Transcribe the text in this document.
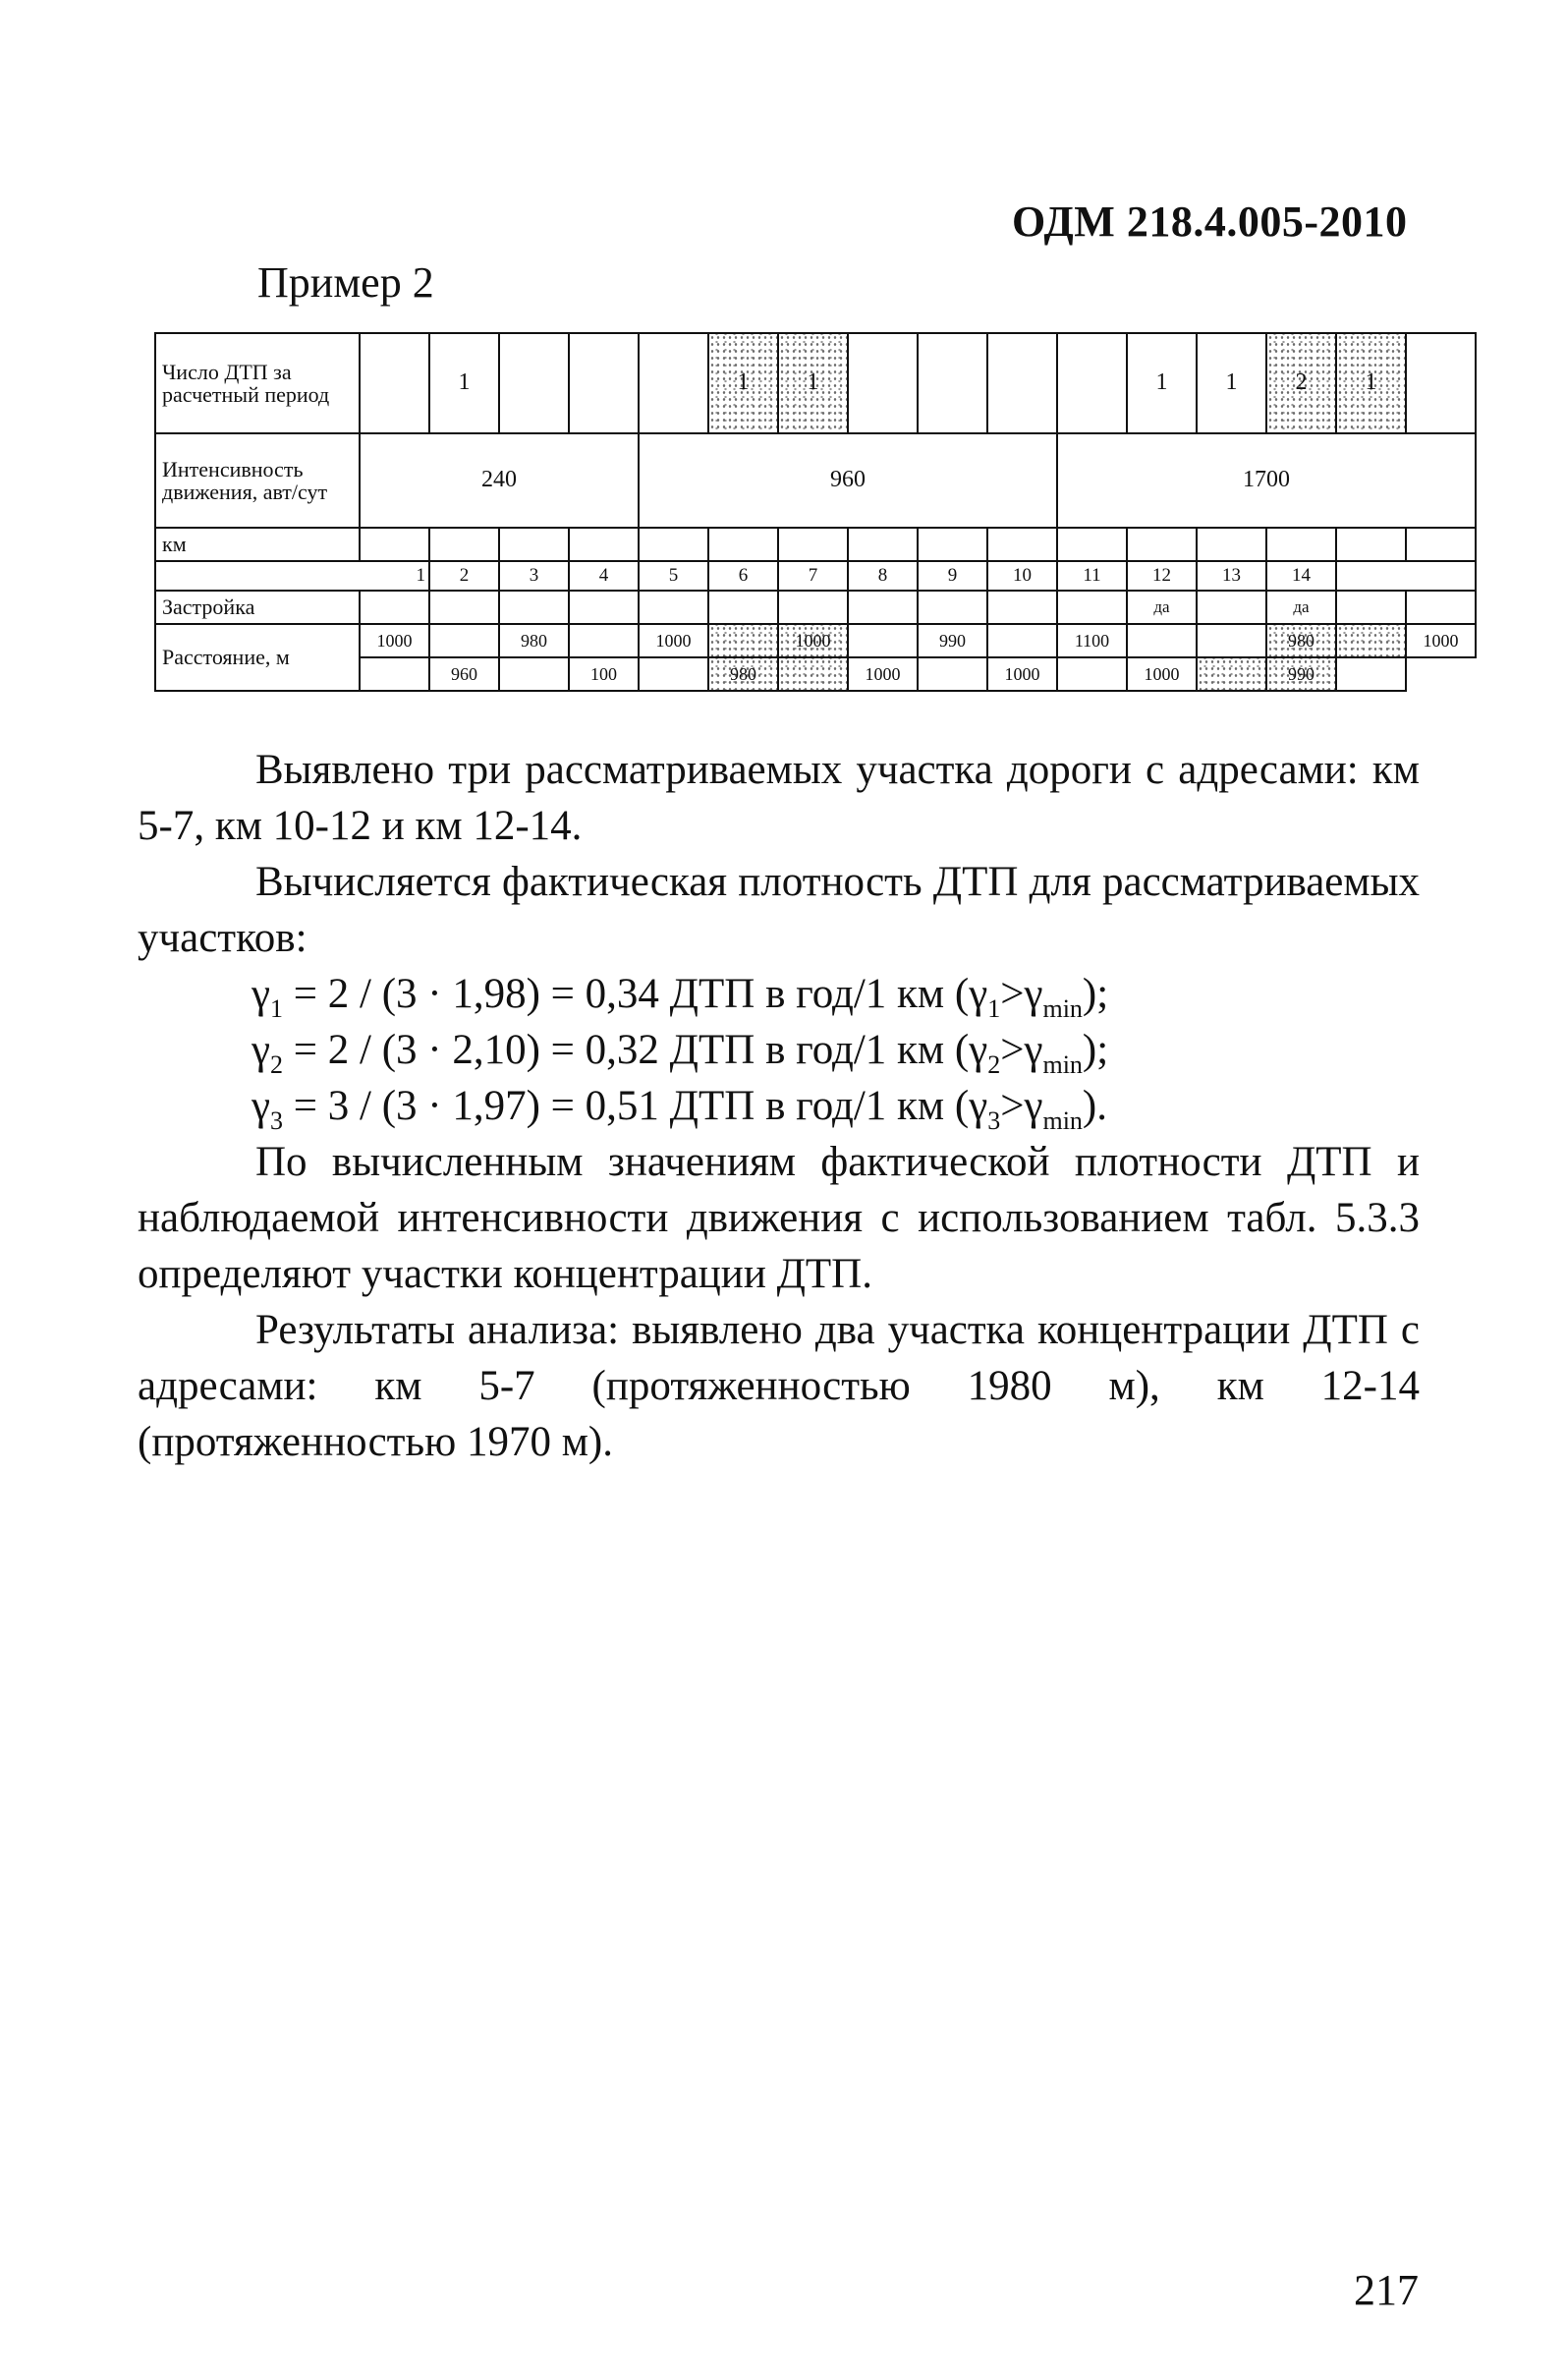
ОДМ 218.4.005-2010
Пример 2
Число ДТП за расчетный период		1				1	1					1	1	2	1	
Интенсивность движения, авт/сут	240				960						1700					
км																
1		2	3	4	5	6	7	8	9	10	11	12	13	14		
Застройка												да		да		
Расстояние, м	1000		980		1000		1000		990		1100			980		1000
		960		100		980		1000		1000		1000		990		

Выявлено три рассматриваемых участка дороги с адресами: км 5-7, км 10-12 и км 12-14.

Вычисляется фактическая плотность ДТП для рассматриваемых участков:

$\gamma_1 = 2 / (3 \cdot 1,98) = 0,34$ ДТП в год/1 км $(\gamma_1>\gamma_{min})$;
$\gamma_2 = 2 / (3 \cdot 2,10) = 0,32$ ДТП в год/1 км $(\gamma_2>\gamma_{min})$;
$\gamma_3 = 3 / (3 \cdot 1,97) = 0,51$ ДТП в год/1 км $(\gamma_3>\gamma_{min})$.

По вычисленным значениям фактической плотности ДТП и наблюдаемой интенсивности движения с использованием табл. 5.3.3 определяют участки концентрации ДТП.

Результаты анализа: выявлено два участка концентрации ДТП с адресами: км 5-7 (протяженностью 1980 м), км 12-14 (протяженностью 1970 м).

217
